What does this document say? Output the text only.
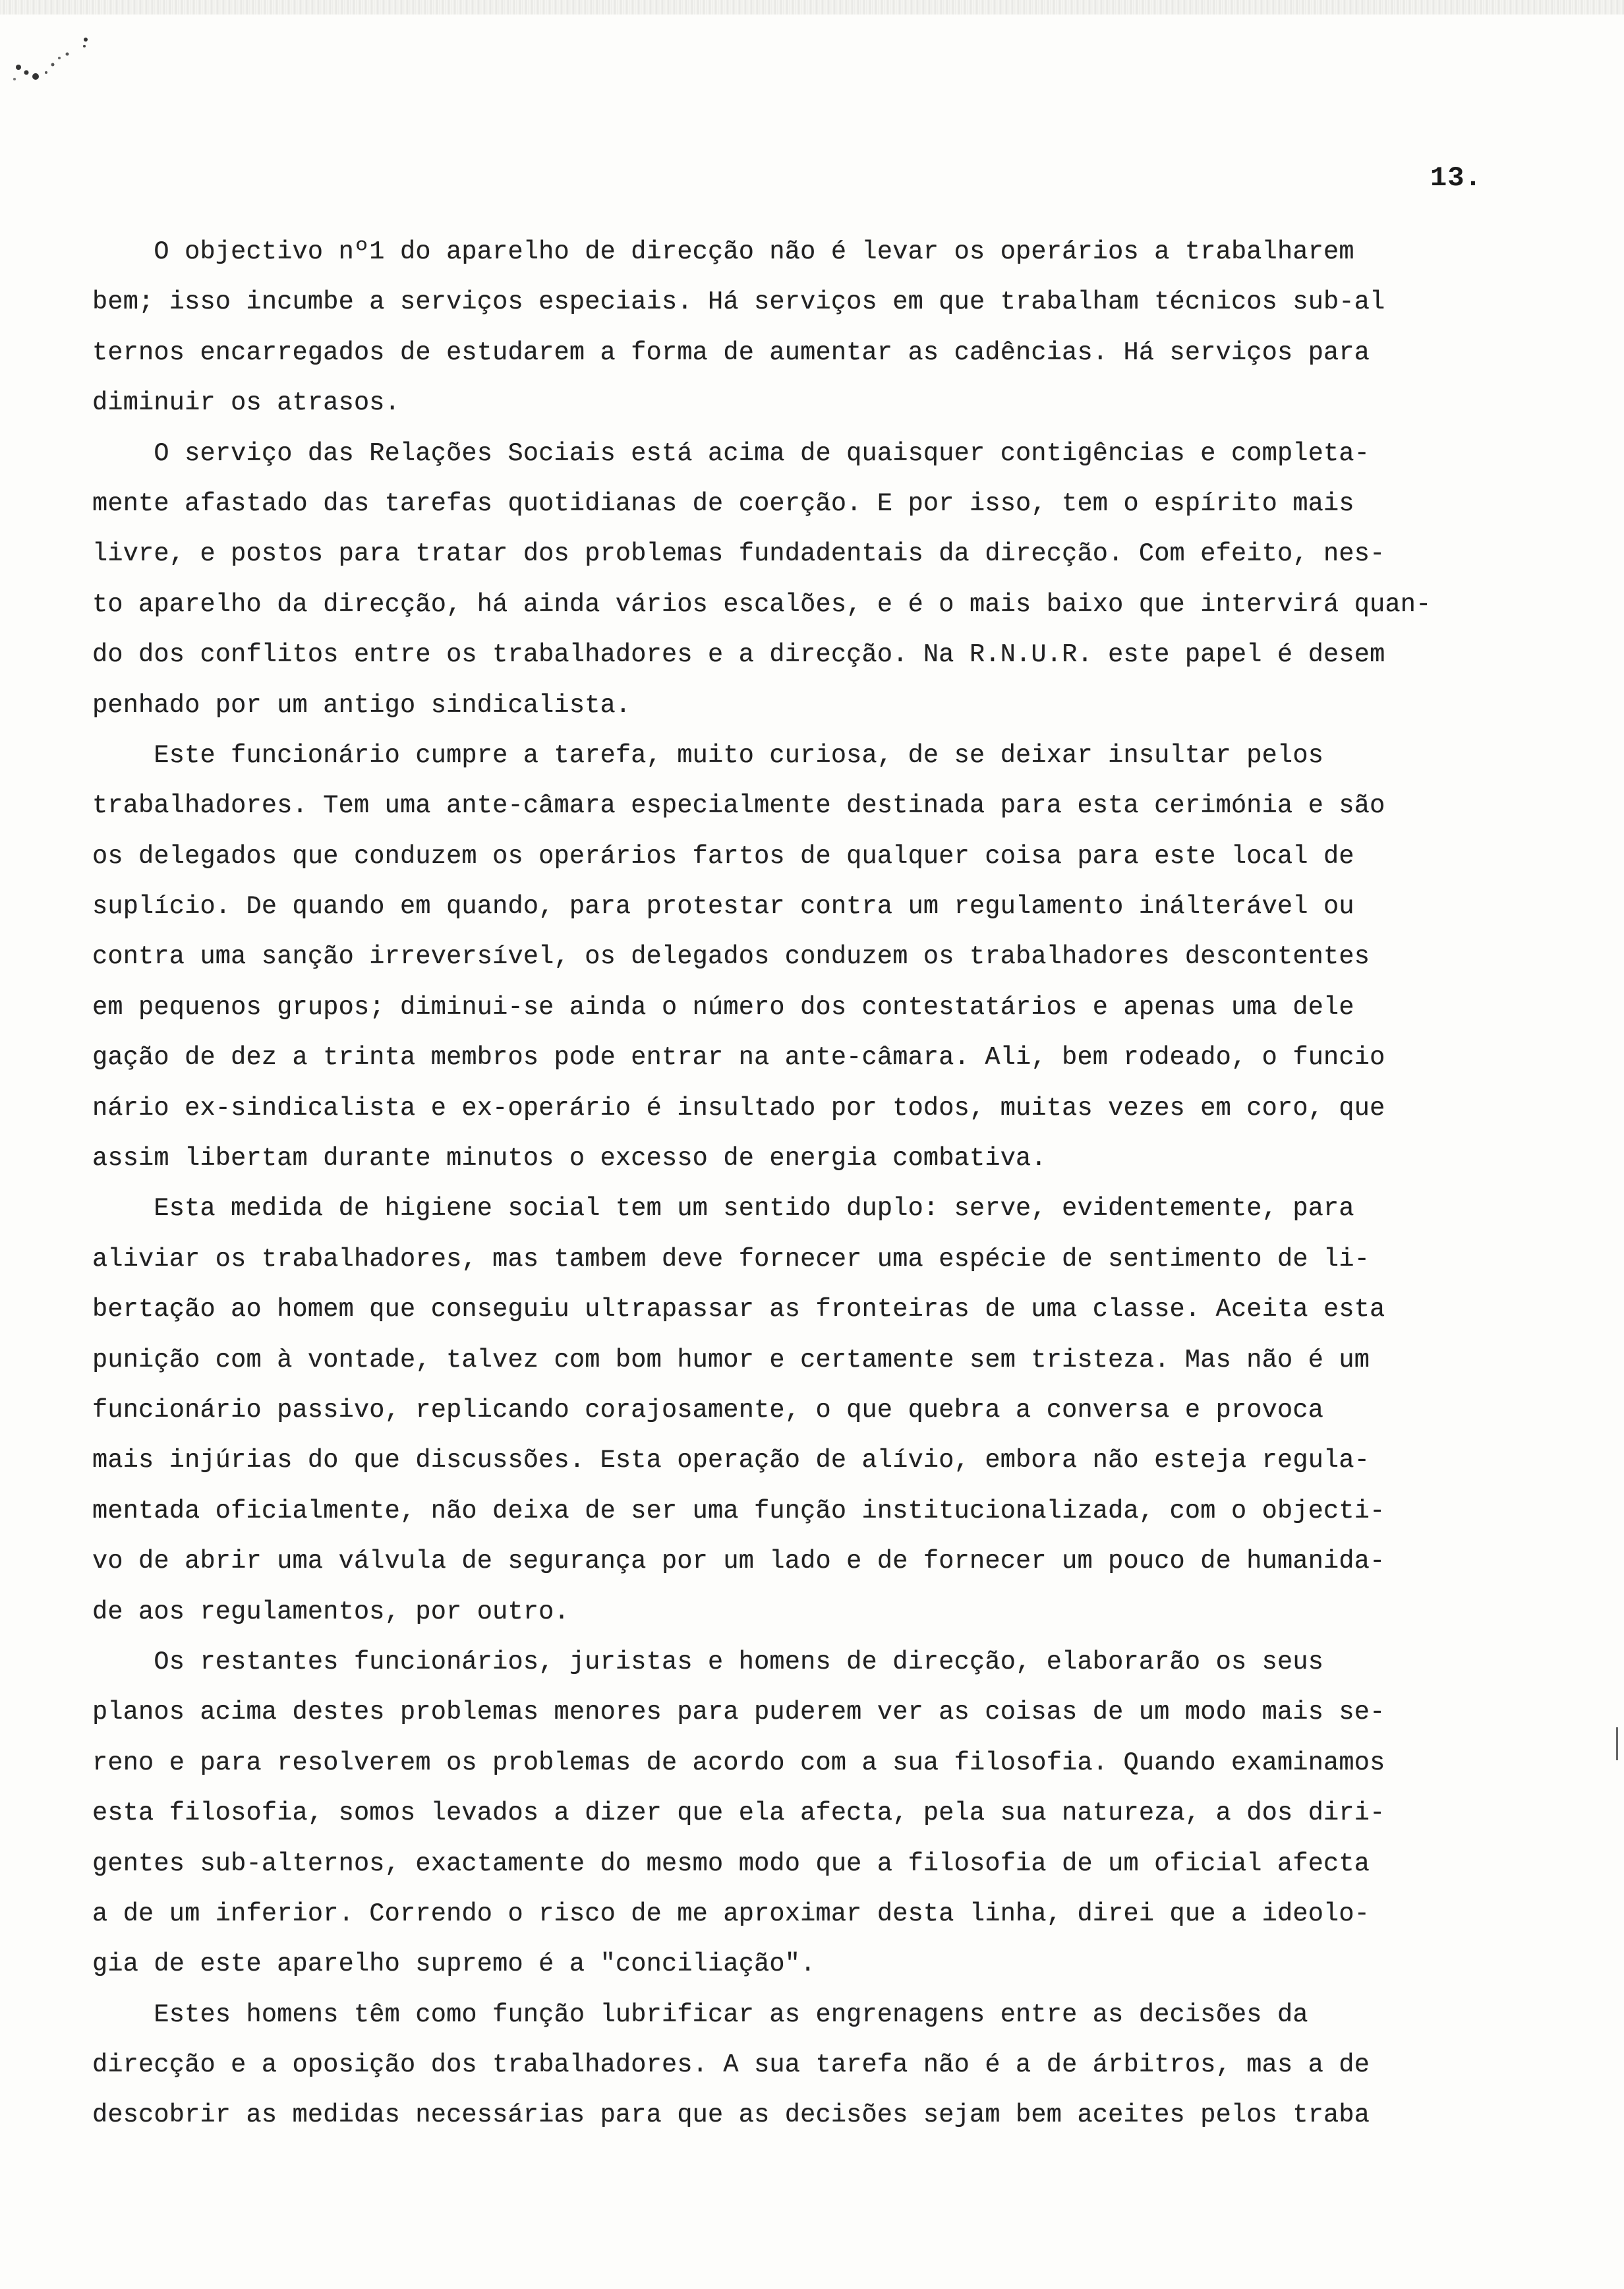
13.
O objectivo nº1 do aparelho de direcção não é levar os operários a trabalharem
bem; isso incumbe a serviços especiais. Há serviços em que trabalham técnicos sub-al
ternos encarregados de estudarem a forma de aumentar as cadências. Há serviços para
diminuir os atrasos.
O serviço das Relações Sociais está acima de quaisquer contigências e completa-
mente afastado das tarefas quotidianas de coerção. E por isso, tem o espírito mais
livre, e postos para tratar dos problemas fundadentais da direcção. Com efeito, nes-
to aparelho da direcção, há ainda vários escalões, e é o mais baixo que intervirá quan-
do dos conflitos entre os trabalhadores e a direcção. Na R.N.U.R. este papel é desem
penhado por um antigo sindicalista.
Este funcionário cumpre a tarefa, muito curiosa, de se deixar insultar pelos
trabalhadores. Tem uma ante-câmara especialmente destinada para esta cerimónia e são
os delegados que conduzem os operários fartos de qualquer coisa para este local de
suplício. De quando em quando, para protestar contra um regulamento inálterável ou
contra uma sanção irreversível, os delegados conduzem os trabalhadores descontentes
em pequenos grupos; diminui-se ainda o número dos contestatários e apenas uma dele
gação de dez a trinta membros pode entrar na ante-câmara. Ali, bem rodeado, o funcio
nário ex-sindicalista e ex-operário é insultado por todos, muitas vezes em coro, que
assim libertam durante minutos o excesso de energia combativa.
Esta medida de higiene social tem um sentido duplo: serve, evidentemente, para
aliviar os trabalhadores, mas tambem deve fornecer uma espécie de sentimento de li-
bertação ao homem que conseguiu ultrapassar as fronteiras de uma classe. Aceita esta
punição com à vontade, talvez com bom humor e certamente sem tristeza. Mas não é um
funcionário passivo, replicando corajosamente, o que quebra a conversa e provoca
mais injúrias do que discussões. Esta operação de alívio, embora não esteja regula-
mentada oficialmente, não deixa de ser uma função institucionalizada, com o objecti-
vo de abrir uma válvula de segurança por um lado e de fornecer um pouco de humanida-
de aos regulamentos, por outro.
Os restantes funcionários, juristas e homens de direcção, elaborarão os seus
planos acima destes problemas menores para puderem ver as coisas de um modo mais se-
reno e para resolverem os problemas de acordo com a sua filosofia. Quando examinamos
esta filosofia, somos levados a dizer que ela afecta, pela sua natureza, a dos diri-
gentes sub-alternos, exactamente do mesmo modo que a filosofia de um oficial afecta
a de um inferior. Correndo o risco de me aproximar desta linha, direi que a ideolo-
gia de este aparelho supremo é a "conciliação".
Estes homens têm como função lubrificar as engrenagens entre as decisões da
direcção e a oposição dos trabalhadores. A sua tarefa não é a de árbitros, mas a de
descobrir as medidas necessárias para que as decisões sejam bem aceites pelos traba
